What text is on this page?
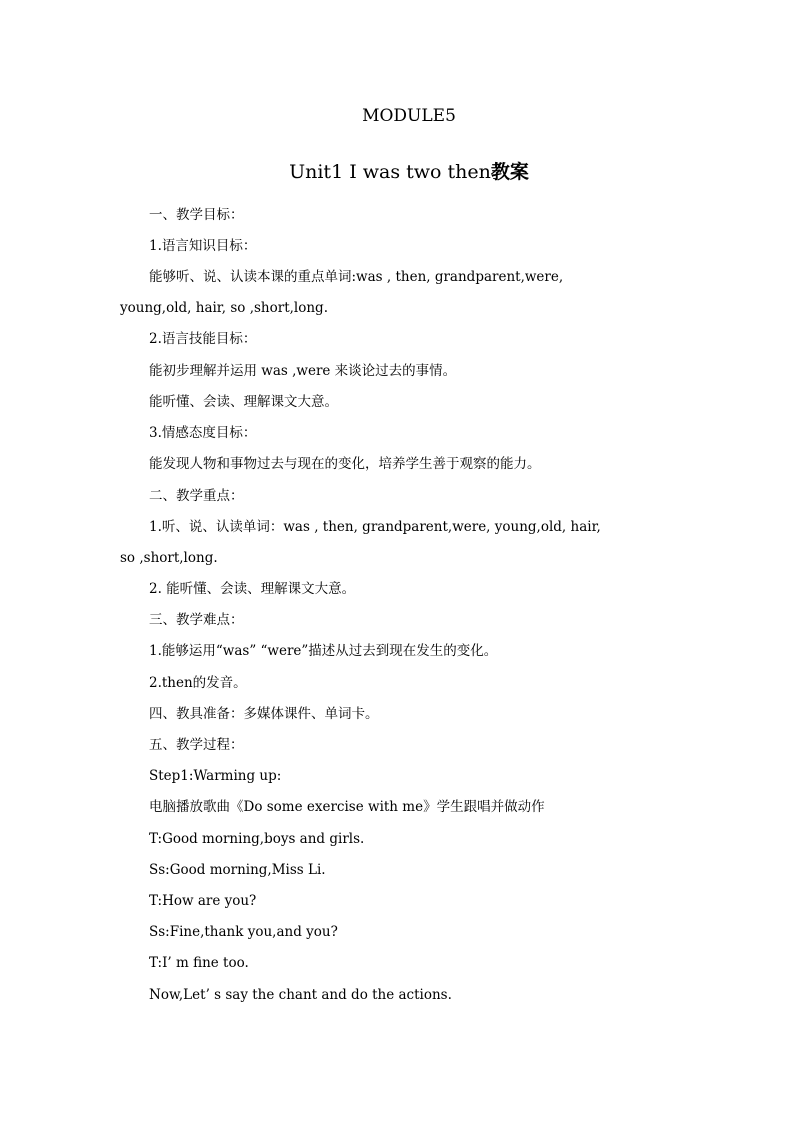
MODULE5
Unit1 I was two then教案
一、教学目标：
1.语言知识目标：
能够听、说、认读本课的重点单词:was , then, grandparent,were,
young,old, hair, so ,short,long.
2.语言技能目标：
能初步理解并运用 was ,were 来谈论过去的事情。
能听懂、会读、理解课文大意。
3.情感态度目标：
能发现人物和事物过去与现在的变化，培养学生善于观察的能力。
二、教学重点：
1.听、说、认读单词：was , then, grandparent,were, young,old, hair,
so ,short,long.
2. 能听懂、会读、理解课文大意。
三、教学难点：
1.能够运用“was” “were”描述从过去到现在发生的变化。
2.then的发音。
四、教具准备：多媒体课件、单词卡。
五、教学过程：
Step1:Warming up:
电脑播放歌曲《Do some exercise with me》学生跟唱并做动作
T:Good morning,boys and girls.
Ss:Good morning,Miss Li.
T:How are you?
Ss:Fine,thank you,and you?
T:I’ m fine too.
Now,Let’ s say the chant and do the actions.
